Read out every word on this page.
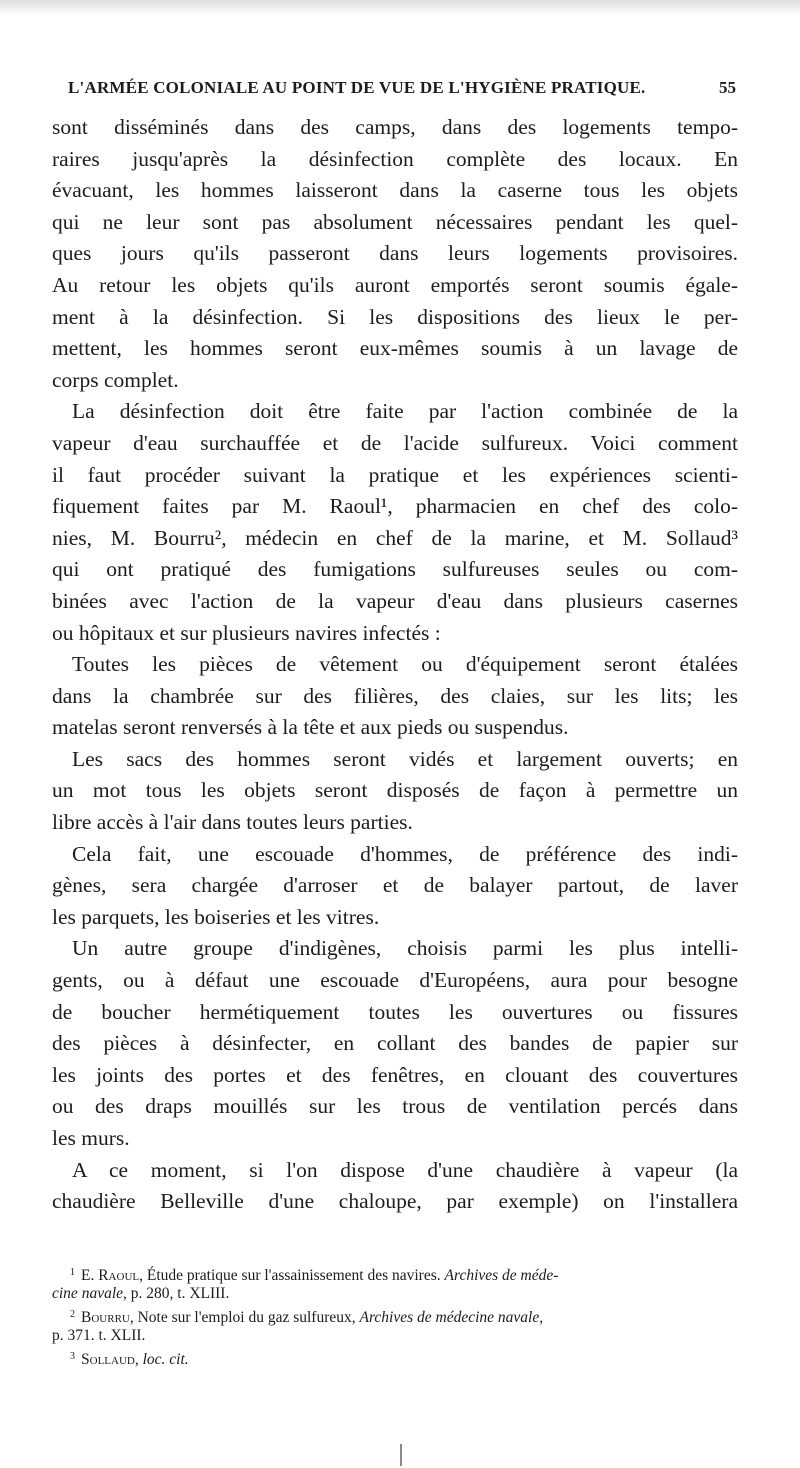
L'ARMÉE COLONIALE AU POINT DE VUE DE L'HYGIÈNE PRATIQUE.	55
sont disséminés dans des camps, dans des logements tempo-
raires jusqu'après la désinfection complète des locaux. En
évacuant, les hommes laisseront dans la caserne tous les objets
qui ne leur sont pas absolument nécessaires pendant les quel-
ques jours qu'ils passeront dans leurs logements provisoires.
Au retour les objets qu'ils auront emportés seront soumis égale-
ment à la désinfection. Si les dispositions des lieux le per-
mettent, les hommes seront eux-mêmes soumis à un lavage de
corps complet.
La désinfection doit être faite par l'action combinée de la
vapeur d'eau surchauffée et de l'acide sulfureux. Voici comment
il faut procéder suivant la pratique et les expériences scienti-
fiquement faites par M. Raoul¹, pharmacien en chef des colo-
nies, M. Bourru², médecin en chef de la marine, et M. Sollaud³
qui ont pratiqué des fumigations sulfureuses seules ou com-
binées avec l'action de la vapeur d'eau dans plusieurs casernes
ou hôpitaux et sur plusieurs navires infectés :
Toutes les pièces de vêtement ou d'équipement seront étalées
dans la chambrée sur des filières, des claies, sur les lits; les
matelas seront renversés à la tête et aux pieds ou suspendus.
Les sacs des hommes seront vidés et largement ouverts; en
un mot tous les objets seront disposés de façon à permettre un
libre accès à l'air dans toutes leurs parties.
Cela fait, une escouade d'hommes, de préférence des indi-
gènes, sera chargée d'arroser et de balayer partout, de laver
les parquets, les boiseries et les vitres.
Un autre groupe d'indigènes, choisis parmi les plus intelli-
gents, ou à défaut une escouade d'Européens, aura pour besogne
de boucher hermétiquement toutes les ouvertures ou fissures
des pièces à désinfecter, en collant des bandes de papier sur
les joints des portes et des fenêtres, en clouant des couvertures
ou des draps mouillés sur les trous de ventilation percés dans
les murs.
A ce moment, si l'on dispose d'une chaudière à vapeur (la
chaudière Belleville d'une chaloupe, par exemple) on l'installera
$^1$ E. Raoul, Étude pratique sur l'assainissement des navires. Archives de méde-
cine navale, p. 280, t. XLIII.
$^2$ Bourru, Note sur l'emploi du gaz sulfureux, Archives de médecine navale,
p. 371. t. XLII.
$^3$ Sollaud, loc. cit.
